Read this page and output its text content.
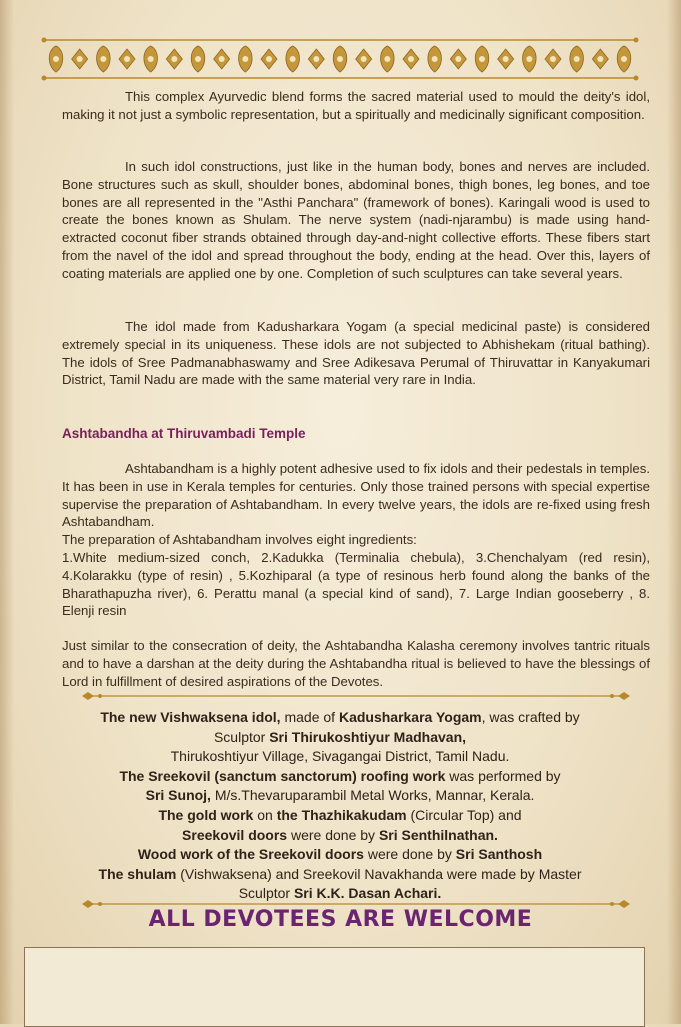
This complex Ayurvedic blend forms the sacred material used to mould the deity's idol, making it not just a symbolic representation, but a spiritually and medicinally significant composition.

In such idol constructions, just like in the human body, bones and nerves are included. Bone structures such as skull, shoulder bones, abdominal bones, thigh bones, leg bones, and toe bones are all represented in the "Asthi Panchara" (framework of bones). Karingali wood is used to create the bones known as Shulam. The nerve system (nadi-njarambu) is made using hand-extracted coconut fiber strands obtained through day-and-night collective efforts. These fibers start from the navel of the idol and spread throughout the body, ending at the head. Over this, layers of coating materials are applied one by one. Completion of such sculptures can take several years.

The idol made from Kadusharkara Yogam (a special medicinal paste) is considered extremely special in its uniqueness. These idols are not subjected to Abhishekam (ritual bathing). The idols of Sree Padmanabhaswamy and Sree Adikesava Perumal of Thiruvattar in Kanyakumari District, Tamil Nadu are made with the same material very rare in India.

Ashtabandha at Thiruvambadi Temple

Ashtabandham is a highly potent adhesive used to fix idols and their pedestals in temples. It has been in use in Kerala temples for centuries. Only those trained persons with special expertise supervise the preparation of Ashtabandham. In every twelve years, the idols are re-fixed using fresh Ashtabandham.

The preparation of Ashtabandham involves eight ingredients:

1.White medium-sized conch, 2.Kadukka (Terminalia chebula), 3.Chenchalyam (red resin), 4.Kolarakku (type of resin) , 5.Kozhiparal (a type of resinous herb found along the banks of the Bharathapuzha river), 6. Perattu manal (a special kind of sand), 7. Large Indian gooseberry , 8. Elenji resin

Just similar to the consecration of deity, the Ashtabandha Kalasha ceremony involves tantric rituals and to have a darshan at the deity during the Ashtabandha ritual is believed to have the blessings of Lord in fulfillment of desired aspirations of the Devotes.

The new Vishwaksena idol, made of Kadusharkara Yogam, was crafted by
Sculptor Sri Thirukoshtiyur Madhavan,
Thirukoshtiyur Village, Sivagangai District, Tamil Nadu.
The Sreekovil (sanctum sanctorum) roofing work was performed by
Sri Sunoj, M/s.Thevaruparambil Metal Works, Mannar, Kerala.
The gold work on the Thazhikakudam (Circular Top) and
Sreekovil doors were done by Sri Senthilnathan.
Wood work of the Sreekovil doors were done by Sri Santhosh
The shulam (Vishwaksena) and Sreekovil Navakhanda were made by Master
Sculptor Sri K.K. Dasan Achari.
ALL DEVOTEES ARE WELCOME
